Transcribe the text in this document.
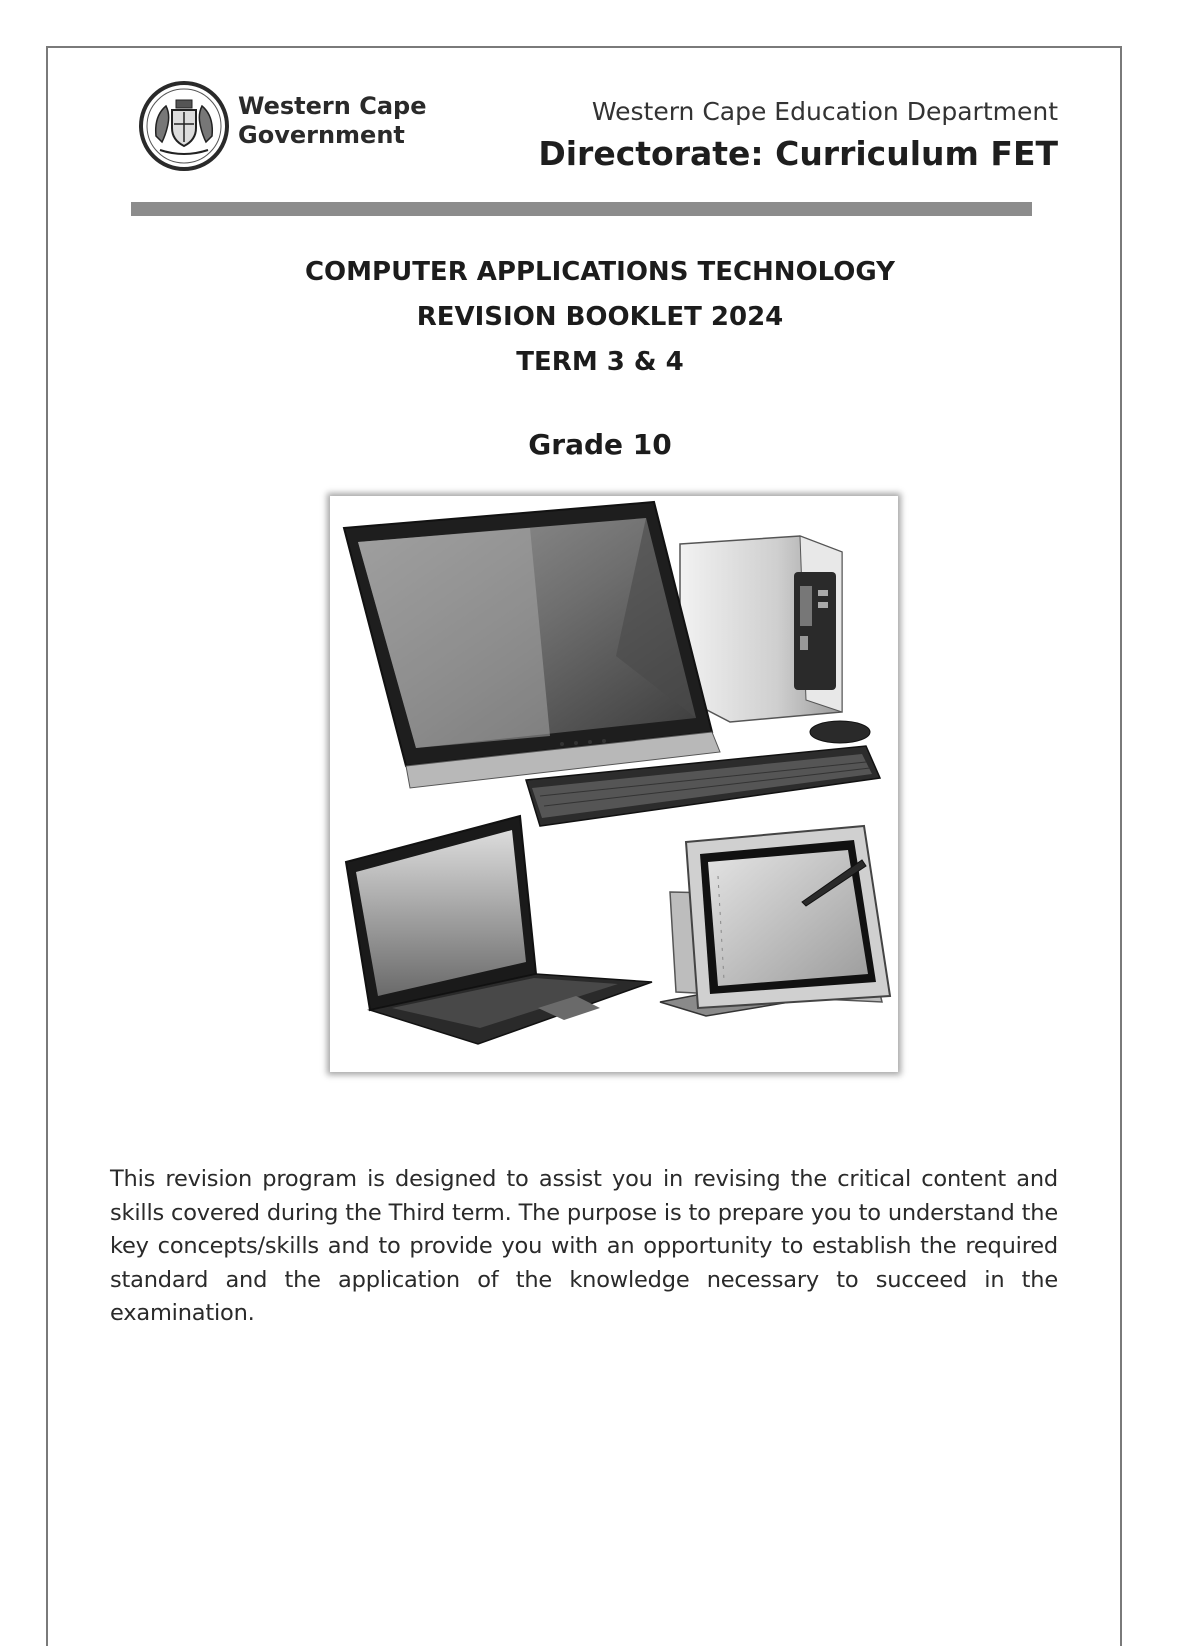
Western Cape
Government
Western Cape Education Department
Directorate: Curriculum FET
COMPUTER APPLICATIONS TECHNOLOGY
REVISION BOOKLET 2024
TERM 3 & 4
Grade 10
This revision program is designed to assist you in revising the critical content and skills covered during the Third term. The purpose is to prepare you to understand the key concepts/skills and to provide you with an opportunity to establish the required standard and the application of the knowledge necessary to succeed in the examination.
